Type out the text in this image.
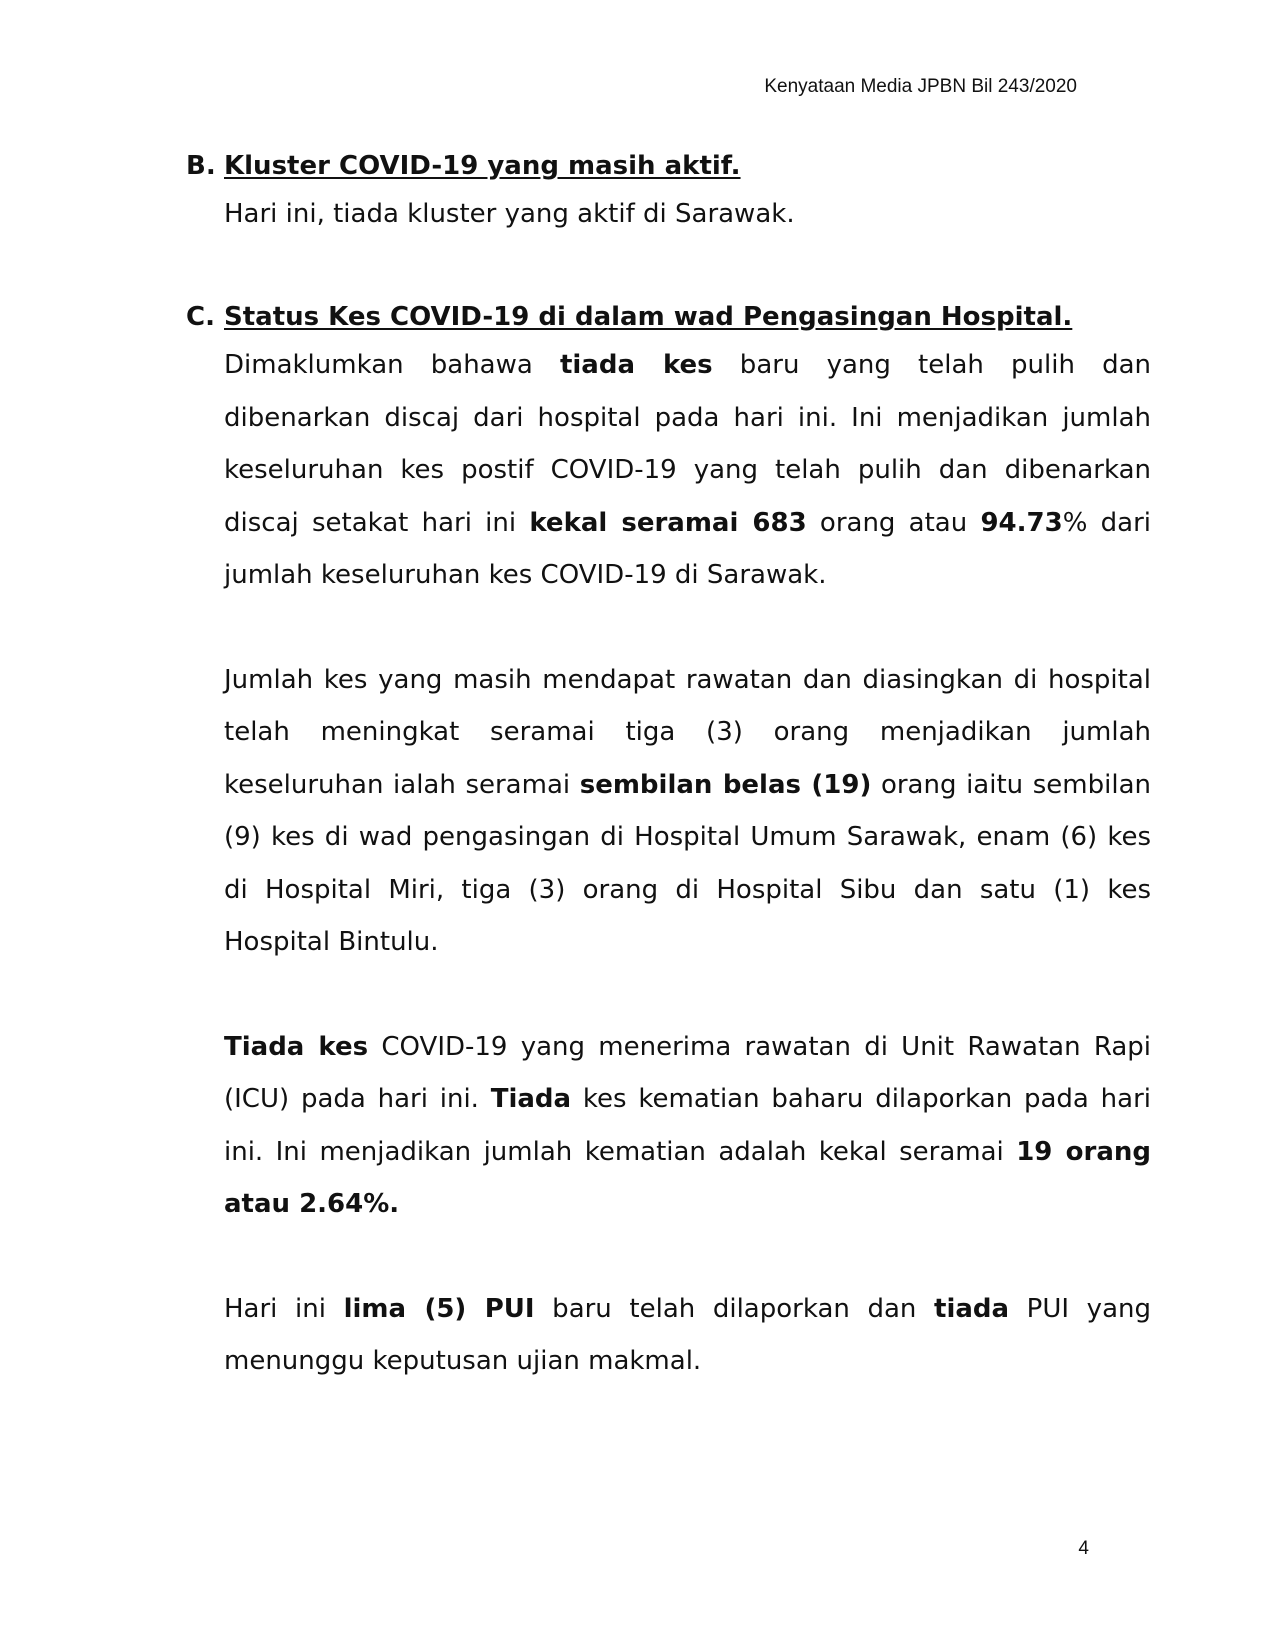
Kenyataan Media JPBN Bil 243/2020
B. Kluster COVID-19 yang masih aktif.

Hari ini, tiada kluster yang aktif di Sarawak.

C. Status Kes COVID-19 di dalam wad Pengasingan Hospital.

Dimaklumkan bahawa tiada kes baru yang telah pulih dan dibenarkan discaj dari hospital pada hari ini. Ini menjadikan jumlah keseluruhan kes postif COVID-19 yang telah pulih dan dibenarkan discaj setakat hari ini kekal seramai 683 orang atau 94.73% dari jumlah keseluruhan kes COVID-19 di Sarawak.

Jumlah kes yang masih mendapat rawatan dan diasingkan di hospital telah meningkat seramai tiga (3) orang menjadikan jumlah keseluruhan ialah seramai sembilan belas (19) orang iaitu sembilan (9) kes di wad pengasingan di Hospital Umum Sarawak, enam (6) kes di Hospital Miri, tiga (3) orang di Hospital Sibu dan satu (1) kes Hospital Bintulu.

Tiada kes COVID-19 yang menerima rawatan di Unit Rawatan Rapi (ICU) pada hari ini. Tiada kes kematian baharu dilaporkan pada hari ini. Ini menjadikan jumlah kematian adalah kekal seramai 19 orang atau 2.64%.

Hari ini lima (5) PUI baru telah dilaporkan dan tiada PUI yang menunggu keputusan ujian makmal.

4
